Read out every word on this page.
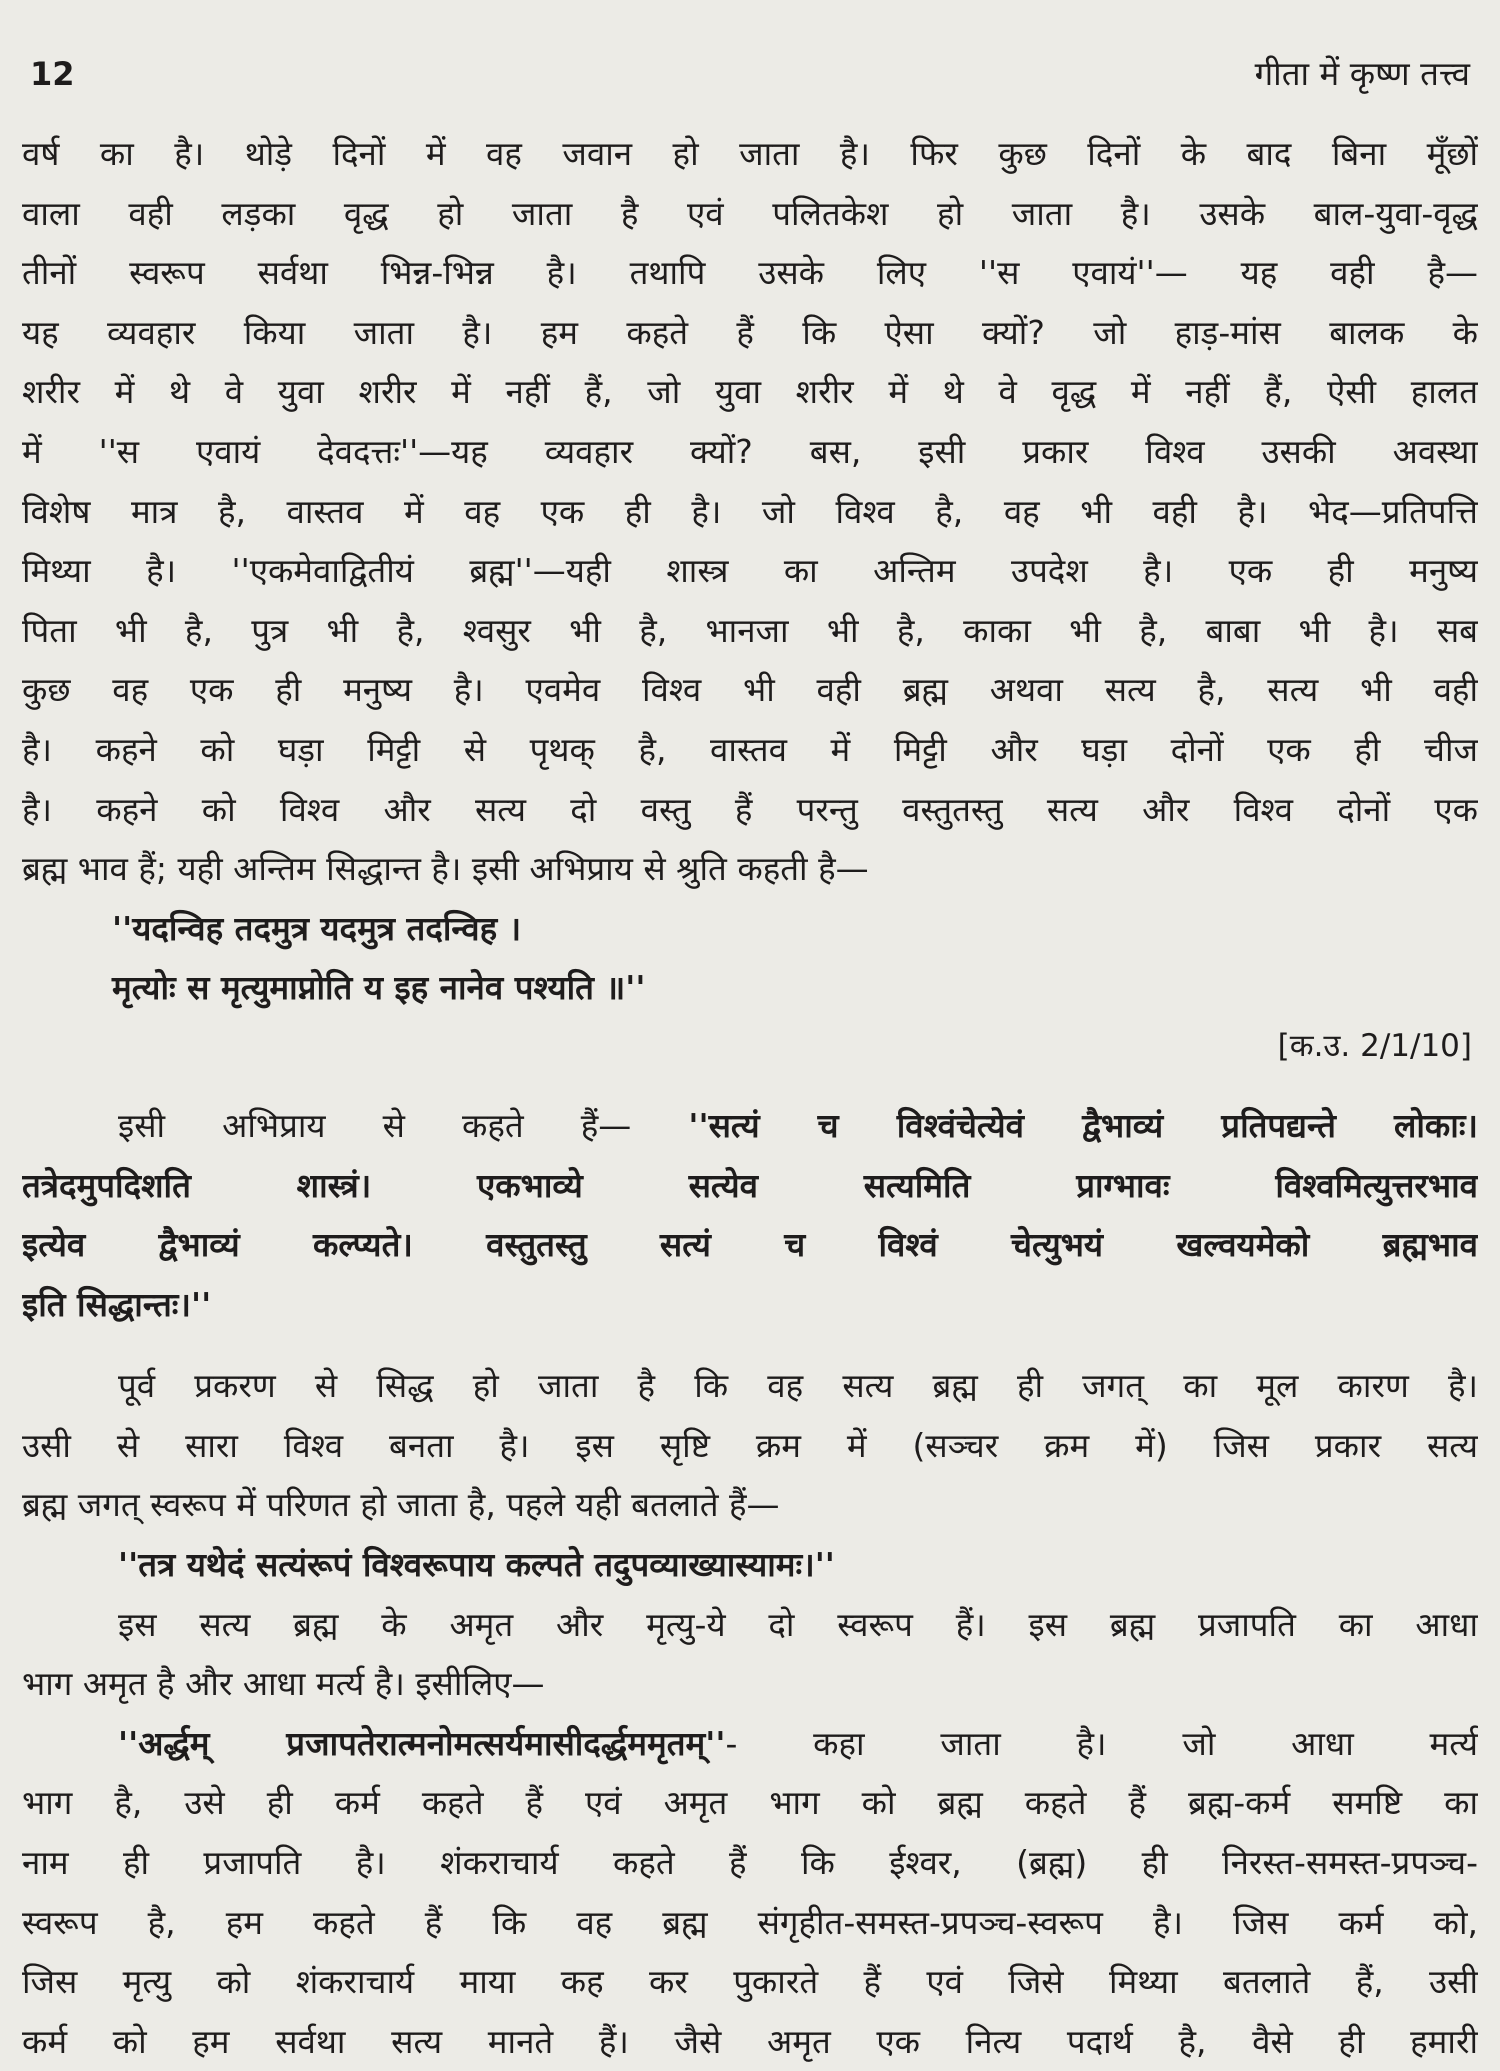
12	गीता में कृष्ण तत्त्व

वर्ष का है। थोड़े दिनों में वह जवान हो जाता है। फिर कुछ दिनों के बाद बिना मूँछों

वाला वही लड़का वृद्ध हो जाता है एवं पलितकेश हो जाता है। उसके बाल-युवा-वृद्ध

तीनों स्वरूप सर्वथा भिन्न-भिन्न है। तथापि उसके लिए ''स एवायं''— यह वही है—

यह व्यवहार किया जाता है। हम कहते हैं कि ऐसा क्यों? जो हाड़-मांस बालक के

शरीर में थे वे युवा शरीर में नहीं हैं, जो युवा शरीर में थे वे वृद्ध में नहीं हैं, ऐसी हालत

में ''स एवायं देवदत्तः''—यह व्यवहार क्यों? बस, इसी प्रकार विश्व उसकी अवस्था

विशेष मात्र है, वास्तव में वह एक ही है। जो विश्व है, वह भी वही है। भेद—प्रतिपत्ति

मिथ्या है। ''एकमेवाद्वितीयं ब्रह्म''—यही शास्त्र का अन्तिम उपदेश है। एक ही मनुष्य

पिता भी है, पुत्र भी है, श्वसुर भी है, भानजा भी है, काका भी है, बाबा भी है। सब

कुछ वह एक ही मनुष्य है। एवमेव विश्व भी वही ब्रह्म अथवा सत्य है, सत्य भी वही

है। कहने को घड़ा मिट्टी से पृथक् है, वास्तव में मिट्टी और घड़ा दोनों एक ही चीज

है। कहने को विश्व और सत्य दो वस्तु हैं परन्तु वस्तुतस्तु सत्य और विश्व दोनों एक

ब्रह्म भाव हैं; यही अन्तिम सिद्धान्त है। इसी अभिप्राय से श्रुति कहती है—

''यदन्विह तदमुत्र यदमुत्र तदन्विह ।

मृत्योः स मृत्युमाप्नोति य इह नानेव पश्यति ॥''

[क.उ. 2/1/10]

इसी अभिप्राय से कहते हैं— ''सत्यं च विश्वंचेत्येवं द्वैभाव्यं प्रतिपद्यन्ते लोकाः।

तत्रेदमुपदिशति शास्त्रं। एकभाव्ये सत्येव सत्यमिति प्राग्भावः विश्वमित्युत्तरभाव

इत्येव द्वैभाव्यं कल्प्यते। वस्तुतस्तु सत्यं च विश्वं चेत्युभयं खल्वयमेको ब्रह्मभाव

इति सिद्धान्तः।''

पूर्व प्रकरण से सिद्ध हो जाता है कि वह सत्य ब्रह्म ही जगत् का मूल कारण है।

उसी से सारा विश्व बनता है। इस सृष्टि क्रम में (सञ्चर क्रम में) जिस प्रकार सत्य

ब्रह्म जगत् स्वरूप में परिणत हो जाता है, पहले यही बतलाते हैं—

''तत्र यथेदं सत्यंरूपं विश्वरूपाय कल्पते तदुपव्याख्यास्यामः।''

इस सत्य ब्रह्म के अमृत और मृत्यु-ये दो स्वरूप हैं। इस ब्रह्म प्रजापति का आधा

भाग अमृत है और आधा मर्त्य है। इसीलिए—

''अर्द्धम् प्रजापतेरात्मनोमत्सर्यमासीदर्द्धममृतम्''- कहा जाता है। जो आधा मर्त्य

भाग है, उसे ही कर्म कहते हैं एवं अमृत भाग को ब्रह्म कहते हैं ब्रह्म-कर्म समष्टि का

नाम ही प्रजापति है। शंकराचार्य कहते हैं कि ईश्वर, (ब्रह्म) ही निरस्त-समस्त-प्रपञ्च-

स्वरूप है, हम कहते हैं कि वह ब्रह्म संगृहीत-समस्त-प्रपञ्च-स्वरूप है। जिस कर्म को,

जिस मृत्यु को शंकराचार्य माया कह कर पुकारते हैं एवं जिसे मिथ्या बतलाते हैं, उसी

कर्म को हम सर्वथा सत्य मानते हैं। जैसे अमृत एक नित्य पदार्थ है, वैसे ही हमारी
